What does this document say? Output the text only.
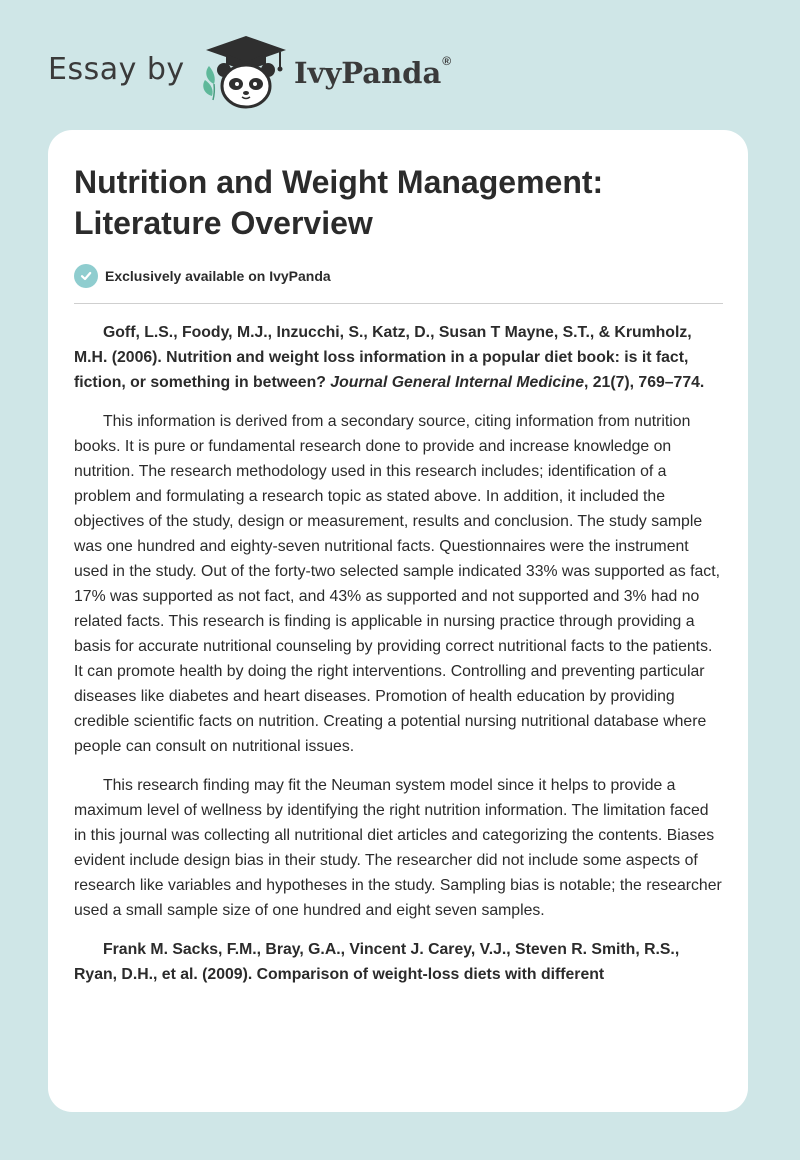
Essay by	IvyPanda®
Nutrition and Weight Management: Literature Overview
Exclusively available on IvyPanda

Goff, L.S., Foody, M.J., Inzucchi, S., Katz, D., Susan T Mayne, S.T., & Krumholz, M.H. (2006). Nutrition and weight loss information in a popular diet book: is it fact, fiction, or something in between? Journal General Internal Medicine, 21(7), 769–774.

This information is derived from a secondary source, citing information from nutrition books. It is pure or fundamental research done to provide and increase knowledge on nutrition. The research methodology used in this research includes; identification of a problem and formulating a research topic as stated above. In addition, it included the objectives of the study, design or measurement, results and conclusion. The study sample was one hundred and eighty-seven nutritional facts. Questionnaires were the instrument used in the study. Out of the forty-two selected sample indicated 33% was supported as fact, 17% was supported as not fact, and 43% as supported and not supported and 3% had no related facts. This research is finding is applicable in nursing practice through providing a basis for accurate nutritional counseling by providing correct nutritional facts to the patients. It can promote health by doing the right interventions. Controlling and preventing particular diseases like diabetes and heart diseases. Promotion of health education by providing credible scientific facts on nutrition. Creating a potential nursing nutritional database where people can consult on nutritional issues.

This research finding may fit the Neuman system model since it helps to provide a maximum level of wellness by identifying the right nutrition information. The limitation faced in this journal was collecting all nutritional diet articles and categorizing the contents. Biases evident include design bias in their study. The researcher did not include some aspects of research like variables and hypotheses in the study. Sampling bias is notable; the researcher used a small sample size of one hundred and eight seven samples.

Frank M. Sacks, F.M., Bray, G.A., Vincent J. Carey, V.J., Steven R. Smith, R.S., Ryan, D.H., et al. (2009). Comparison of weight-loss diets with different
